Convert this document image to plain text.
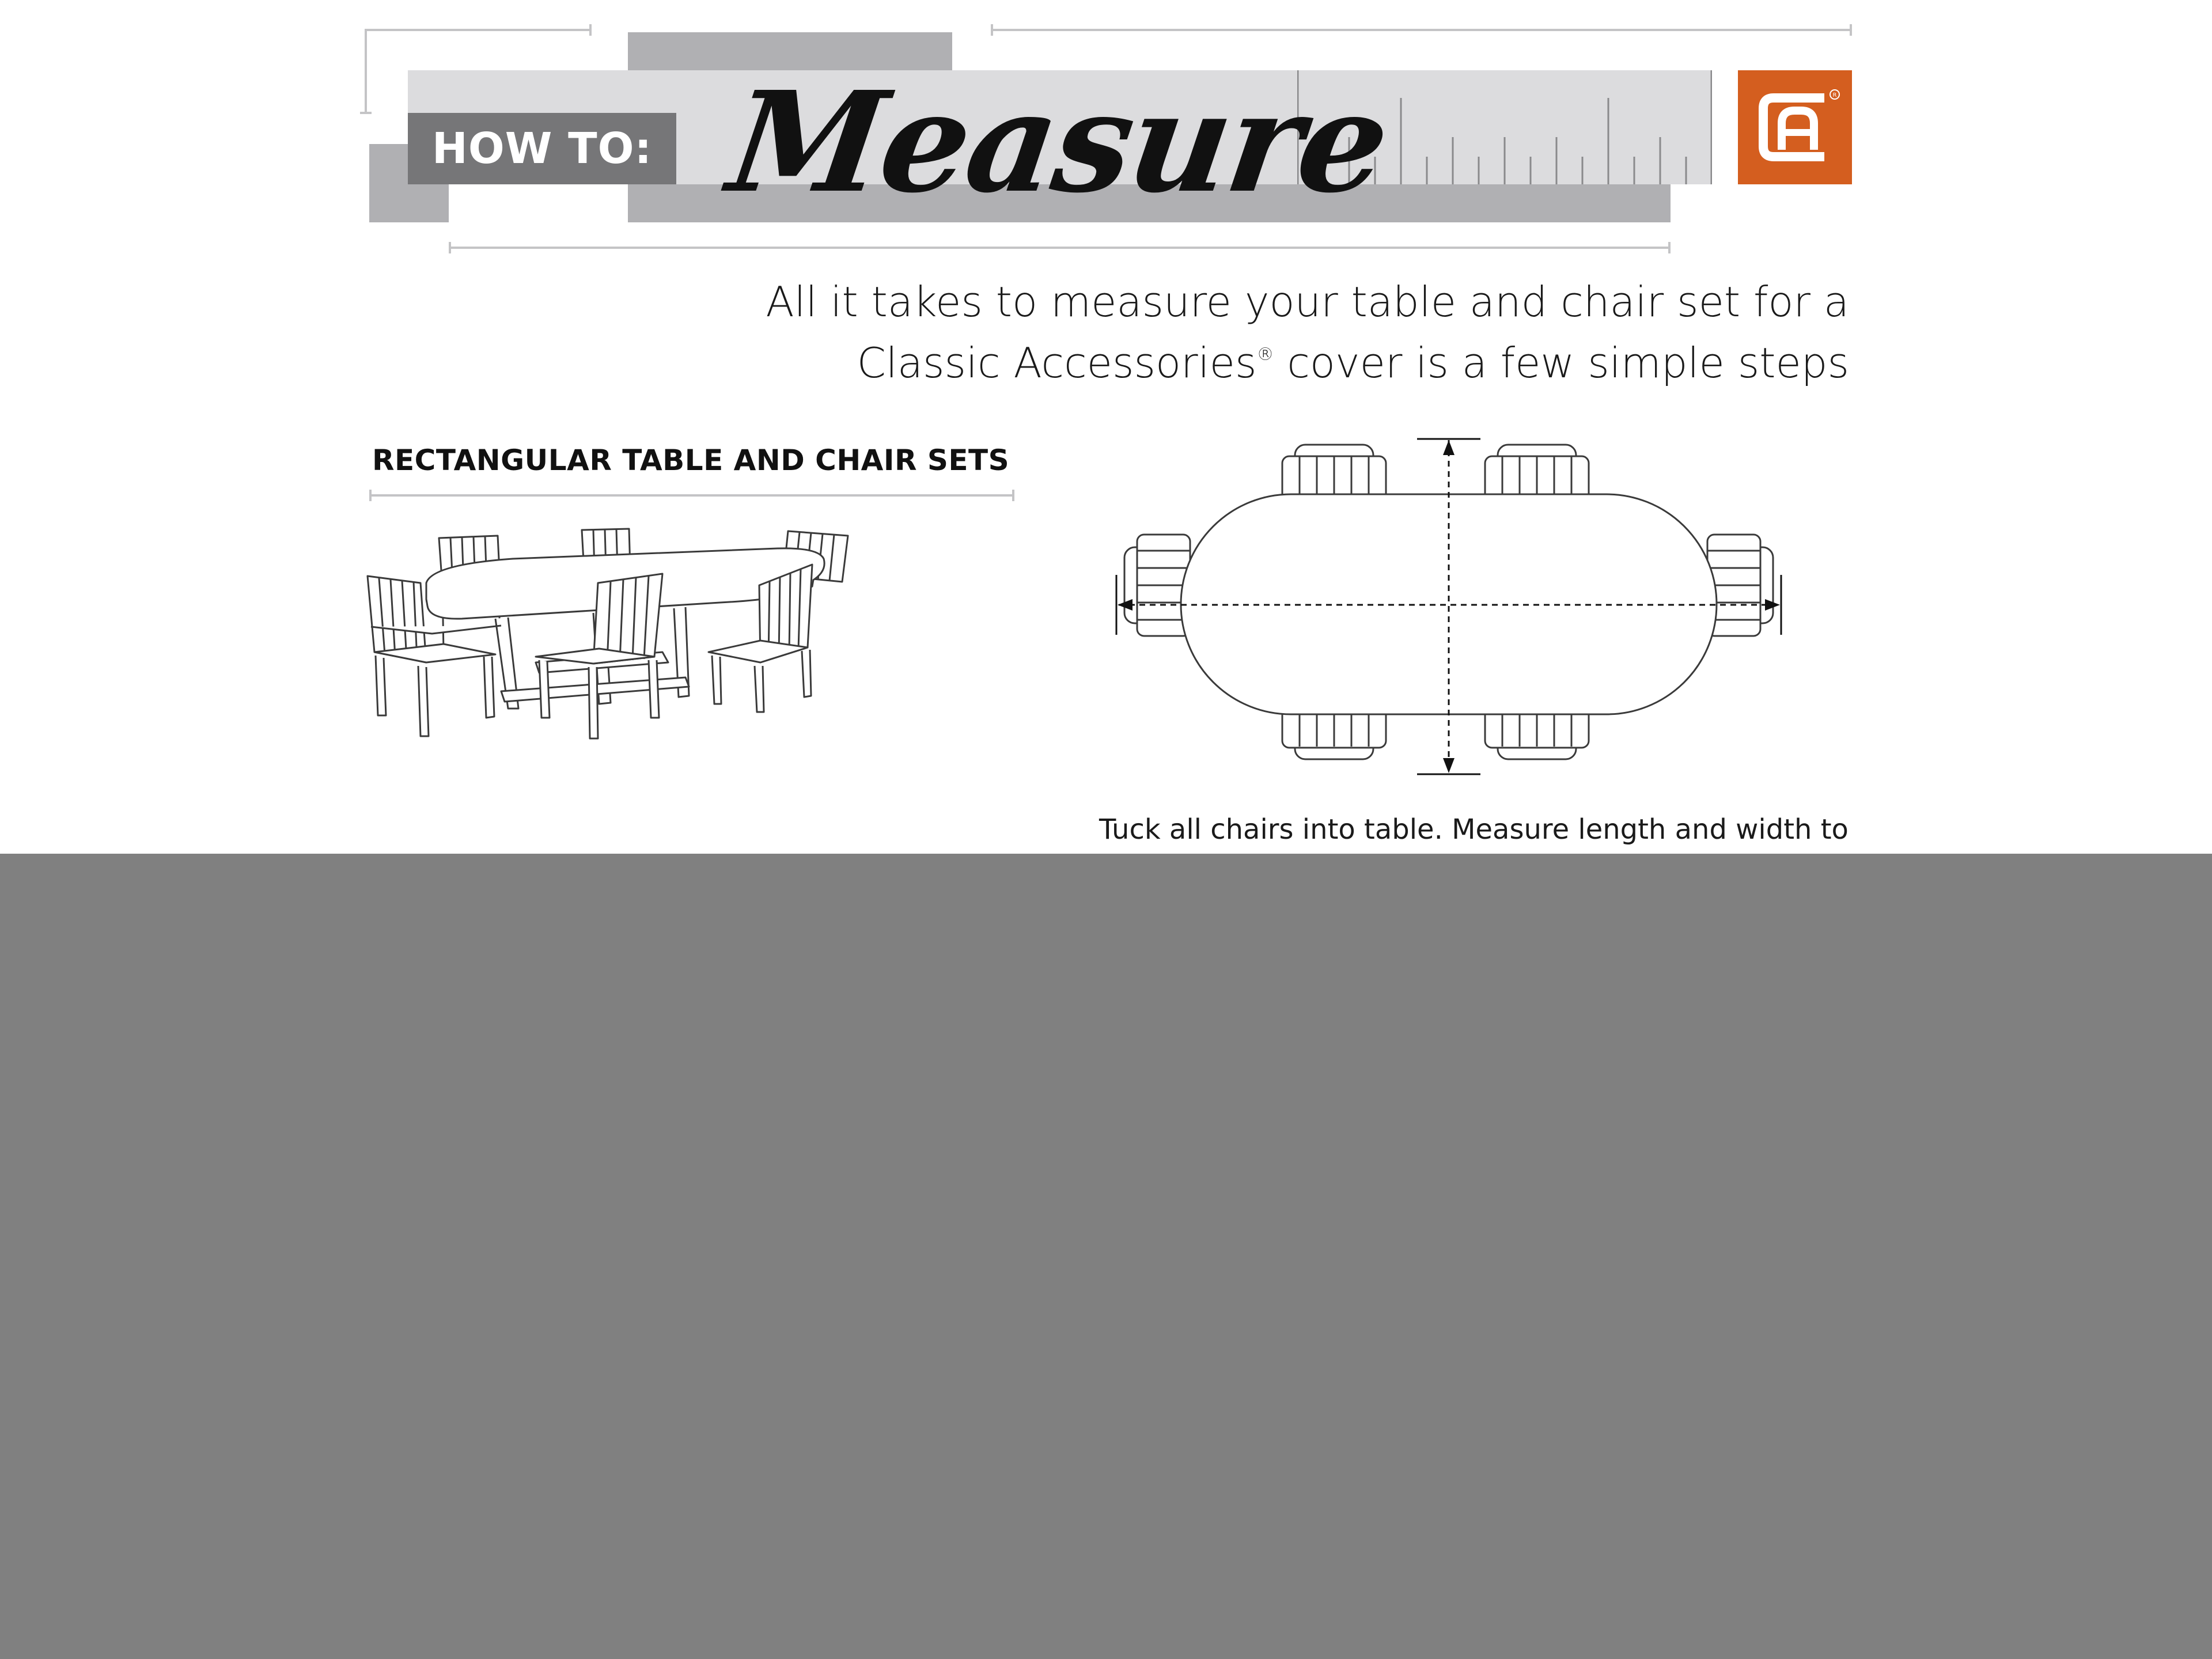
HOW TO: Measure	R
All it takes to measure your table and chair set for a
Classic Accessories® cover is a few simple steps
RECTANGULAR TABLE AND CHAIR SETS
Tuck all chairs into table. Measure length and width to
